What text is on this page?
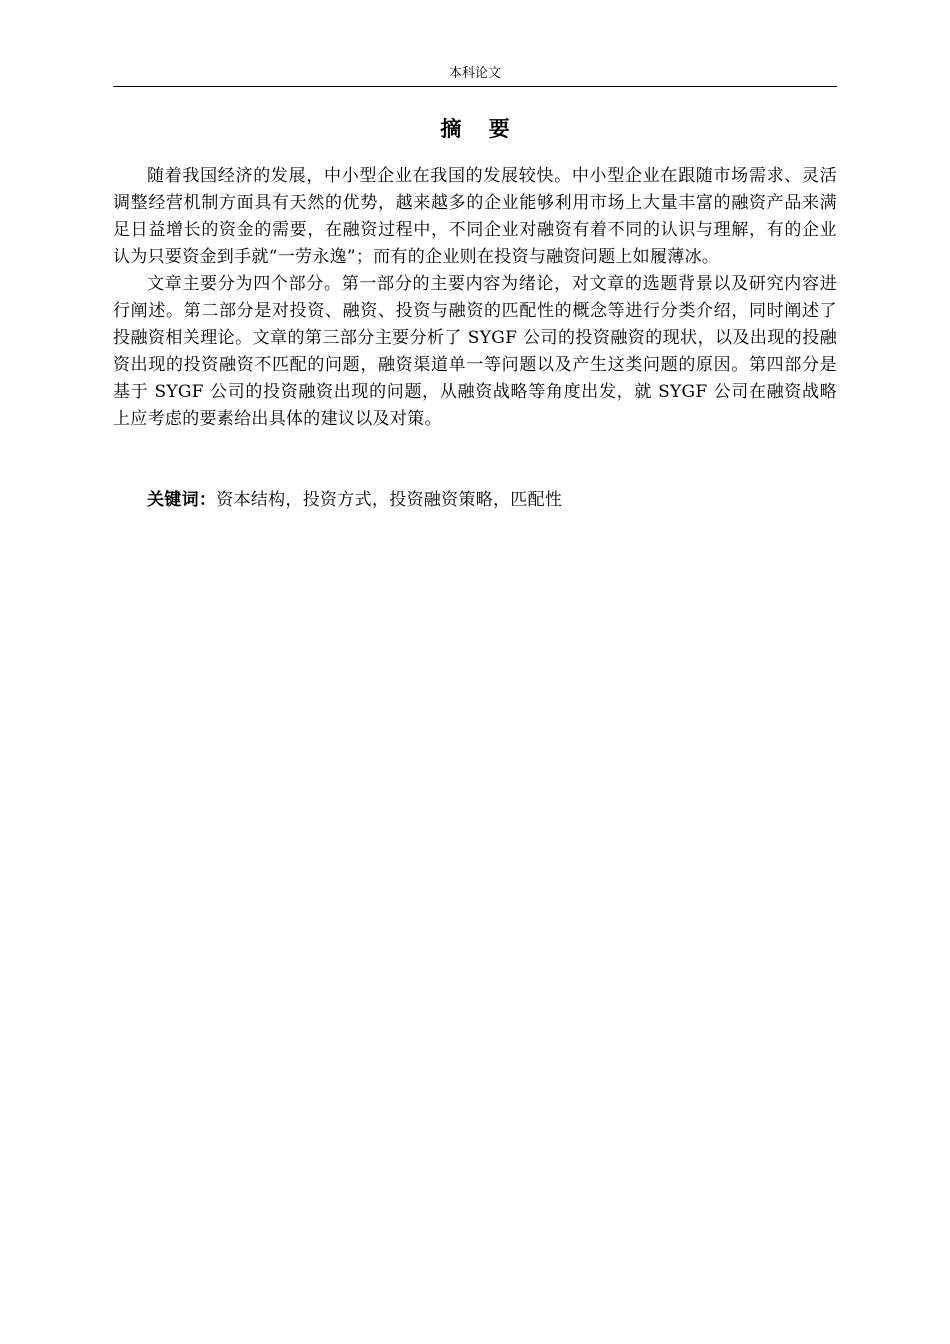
本科论文
摘 要

随着我国经济的发展，中小型企业在我国的发展较快。中小型企业在跟随市场需求、灵活调整经营机制方面具有天然的优势，越来越多的企业能够利用市场上大量丰富的融资产品来满足日益增长的资金的需要，在融资过程中，不同企业对融资有着不同的认识与理解，有的企业认为只要资金到手就“一劳永逸”；而有的企业则在投资与融资问题上如履薄冰。

文章主要分为四个部分。第一部分的主要内容为绪论，对文章的选题背景以及研究内容进行阐述。第二部分是对投资、融资、投资与融资的匹配性的概念等进行分类介绍，同时阐述了投融资相关理论。文章的第三部分主要分析了 SYGF 公司的投资融资的现状，以及出现的投融资出现的投资融资不匹配的问题，融资渠道单一等问题以及产生这类问题的原因。第四部分是基于 SYGF 公司的投资融资出现的问题，从融资战略等角度出发，就 SYGF 公司在融资战略上应考虑的要素给出具体的建议以及对策。

关键词：资本结构，投资方式，投资融资策略，匹配性
